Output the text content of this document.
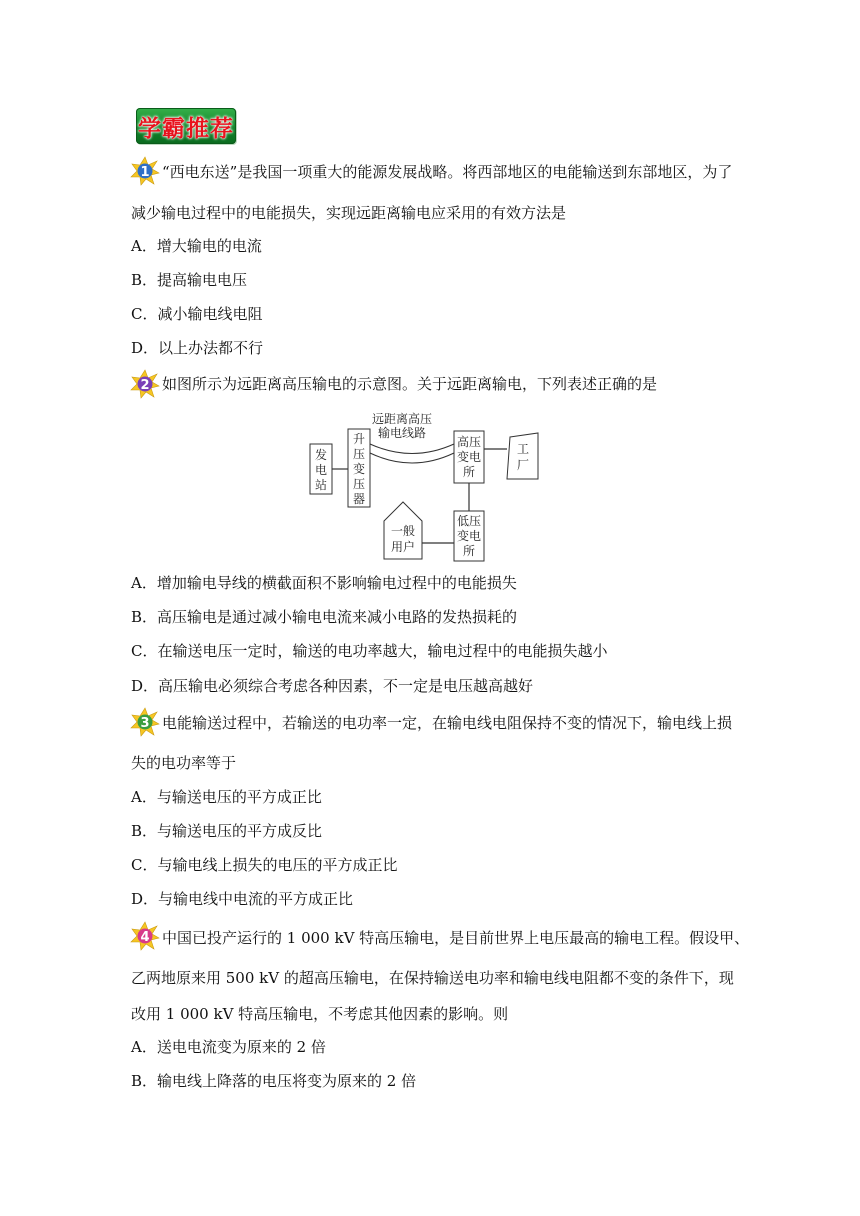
学霸推荐
1 “西电东送”是我国一项重大的能源发展战略。将西部地区的电能输送到东部地区，为了
减少输电过程中的电能损失，实现远距离输电应采用的有效方法是
A．增大输电的电流
B．提高输电电压
C．减小输电线电阻
D．以上办法都不行
2 如图所示为远距离高压输电的示意图。关于远距离输电，下列表述正确的是
远距离高压
输电线路
发
电
站
升
压
变
压
器
高压
变电
所
工
厂
低压
变电
所
一般
用户
A．增加输电导线的横截面积不影响输电过程中的电能损失
B．高压输电是通过减小输电电流来减小电路的发热损耗的
C．在输送电压一定时，输送的电功率越大，输电过程中的电能损失越小
D．高压输电必须综合考虑各种因素，不一定是电压越高越好
3 电能输送过程中，若输送的电功率一定，在输电线电阻保持不变的情况下，输电线上损
失的电功率等于
A．与输送电压的平方成正比
B．与输送电压的平方成反比
C．与输电线上损失的电压的平方成正比
D．与输电线中电流的平方成正比
4 中国已投产运行的 1 000 kV 特高压输电，是目前世界上电压最高的输电工程。假设甲、
乙两地原来用 500 kV 的超高压输电，在保持输送电功率和输电线电阻都不变的条件下，现
改用 1 000 kV 特高压输电，不考虑其他因素的影响。则
A．送电电流变为原来的 2 倍
B．输电线上降落的电压将变为原来的 2 倍
